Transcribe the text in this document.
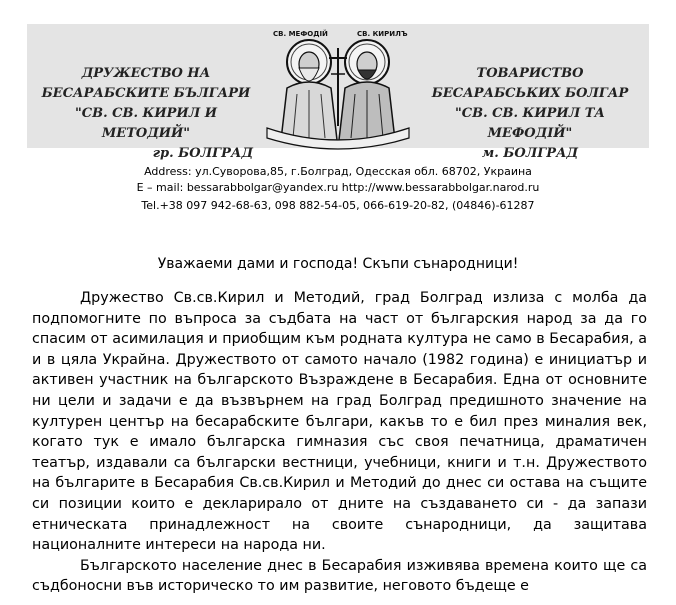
ДРУЖЕСТВО НА БЕСАРАБСКИТЕ БЪЛГАРИ
"СВ. СВ. КИРИЛ И МЕТОДИЙ"
гр. БОЛГРАД
СВ. МЕФОДІЙ	СВ. КИРИЛЪ
ТОВАРИСТВО БЕСАРАБСЬКИХ БОЛГАР
"СВ. СВ. КИРИЛ ТА МЕФОДІЙ"
м. БОЛГРАД
Address: ул.Суворова,85, г.Болград, Одесская обл. 68702, Украина
E – mail: bessarabbolgar@yandex.ru http://www.bessarabbolgar.narod.ru
Tel.+38 097 942-68-63, 098 882-54-05, 066-619-20-82, (04846)-61287
Уважаеми дами и господа! Скъпи сънародници!

Дружество Св.св.Кирил и Методий, град Болград излиза с молба да подпомогните по въпроса за съдбата на част от българския народ за да го спасим от асимилация и приобщим към родната култура не само в Бесарабия, а и в цяла Украйна. Дружеството от самото начало (1982 година) е инициатър и активен участник на българското Възраждене в Бесарабия. Една от основните ни цели и задачи е да възвърнем на град Болград предишното значение на културен център на бесарабските българи, какъв то е бил през миналия век, когато тук е имало българска гимназия със своя печатница, драматичен театър, издавали са български вестници, учебници, книги и т.н. Дружеството на българите в Бесарабия Св.св.Кирил и Методий до днес си остава на същите си позиции които е декларирало от дните на създаването си - да запази етническата принадлежност на своите сънародници, да защитава националните интереси на народа ни.

Българското население днес в Бесарабия изживява времена които ще са съдбоносни във историческо то им развитие, неговото бъдеще е
